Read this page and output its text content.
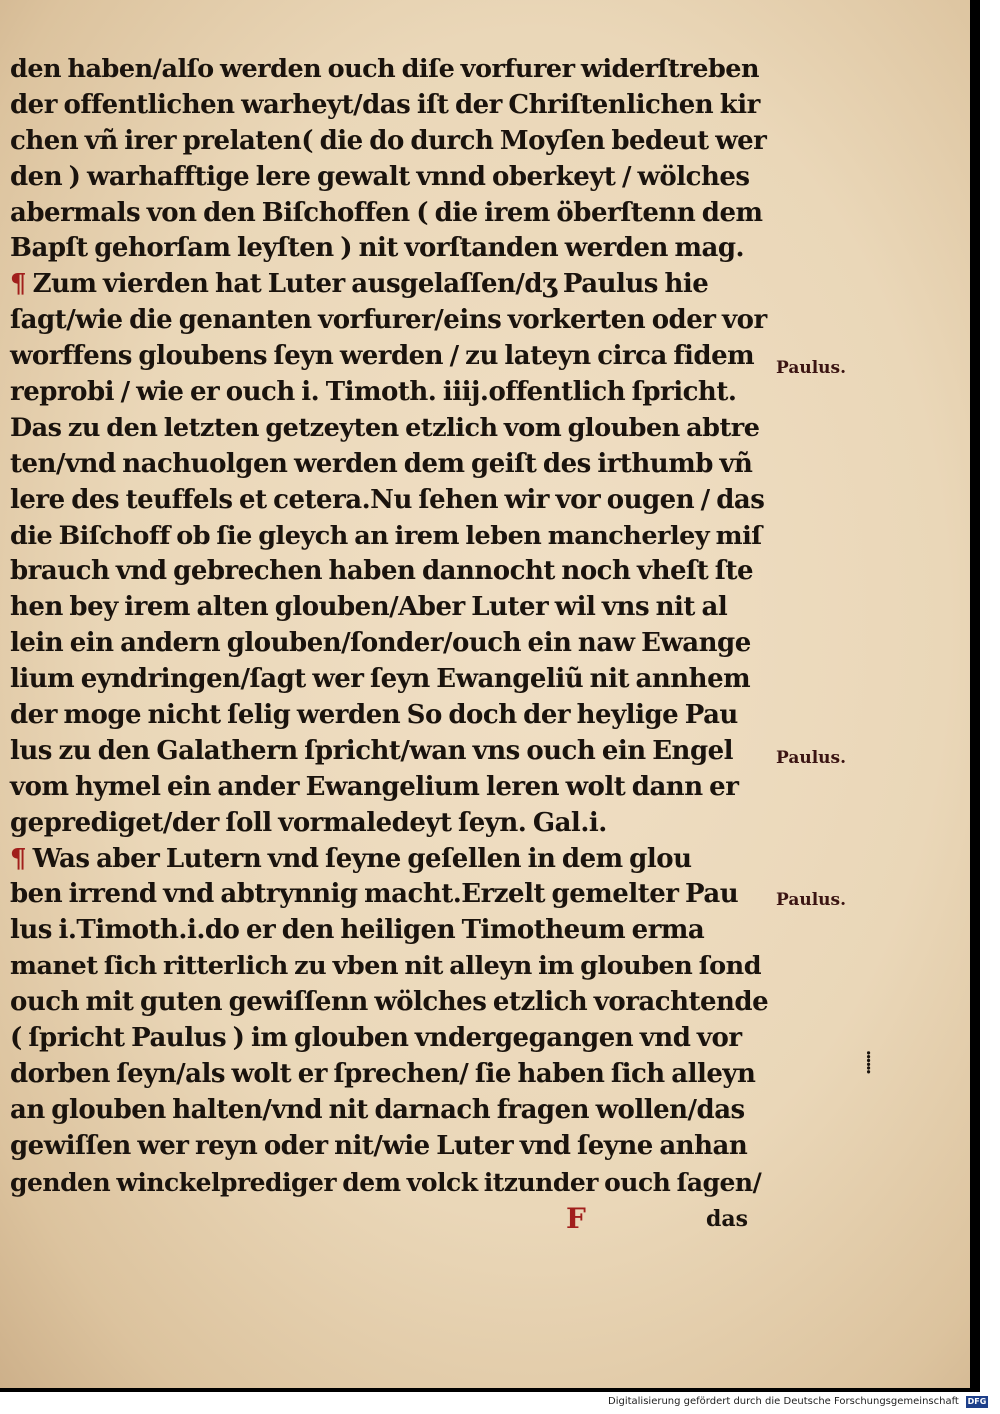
den haben/alſo werden ouch diſe vorfurer widerſtreben
der offentlichen warheyt/das iſt der Chriſtenlichen kir
chen vñ irer prelaten( die do durch Moyſen bedeut wer
den ) warhafftige lere gewalt vnnd oberkeyt / wölches
abermals von den Biſchoffen ( die irem öberſtenn dem
Bapſt gehorſam leyſten ) nit vorſtanden werden mag.
¶ Zum vierden hat Luter ausgelaſſen/dʒ Paulus hie
ſagt/wie die genanten vorfurer/eins vorkerten oder vor
worffens gloubens ſeyn werden / zu lateyn circa fidem
reprobi / wie er ouch i. Timoth. iiij.offentlich ſpricht.
Das zu den letzten getzeyten etzlich vom glouben abtre
ten/vnd nachuolgen werden dem geiſt des irthumb vñ
lere des teuffels et cetera.Nu ſehen wir vor ougen / das
die Biſchoff ob ſie gleych an irem leben mancherley miſ
brauch vnd gebrechen haben dannocht noch vheſt ſte
hen bey irem alten glouben/Aber Luter wil vns nit al
lein ein andern glouben/ſonder/ouch ein naw Ewange
lium eyndringen/ſagt wer ſeyn Ewangeliũ nit annhem
der moge nicht ſelig werden So doch der heylige Pau
lus zu den Galathern ſpricht/wan vns ouch ein Engel
vom hymel ein ander Ewangelium leren wolt dann er
geprediget/der ſoll vormaledeyt ſeyn. Gal.i.
¶ Was aber Lutern vnd ſeyne geſellen in dem glou
ben irrend vnd abtrynnig macht.Erzelt gemelter Pau
lus i.Timoth.i.do er den heiligen Timotheum erma
manet ſich ritterlich zu vben nit alleyn im glouben ſond
ouch mit guten gewiſſenn wölches etzlich vorachtende
( ſpricht Paulus ) im glouben vndergegangen vnd vor
dorben ſeyn/als wolt er ſprechen/ ſie haben ſich alleyn
an glouben halten/vnd nit darnach fragen wollen/das
gewiſſen wer reyn oder nit/wie Luter vnd ſeyne anhan
genden winckelprediger dem volck itzunder ouch ſagen/
Paulus.
Paulus.
Paulus.
⸽
F	das
Digitalisierung gefördert durch die Deutsche Forschungsgemeinschaft DFG
